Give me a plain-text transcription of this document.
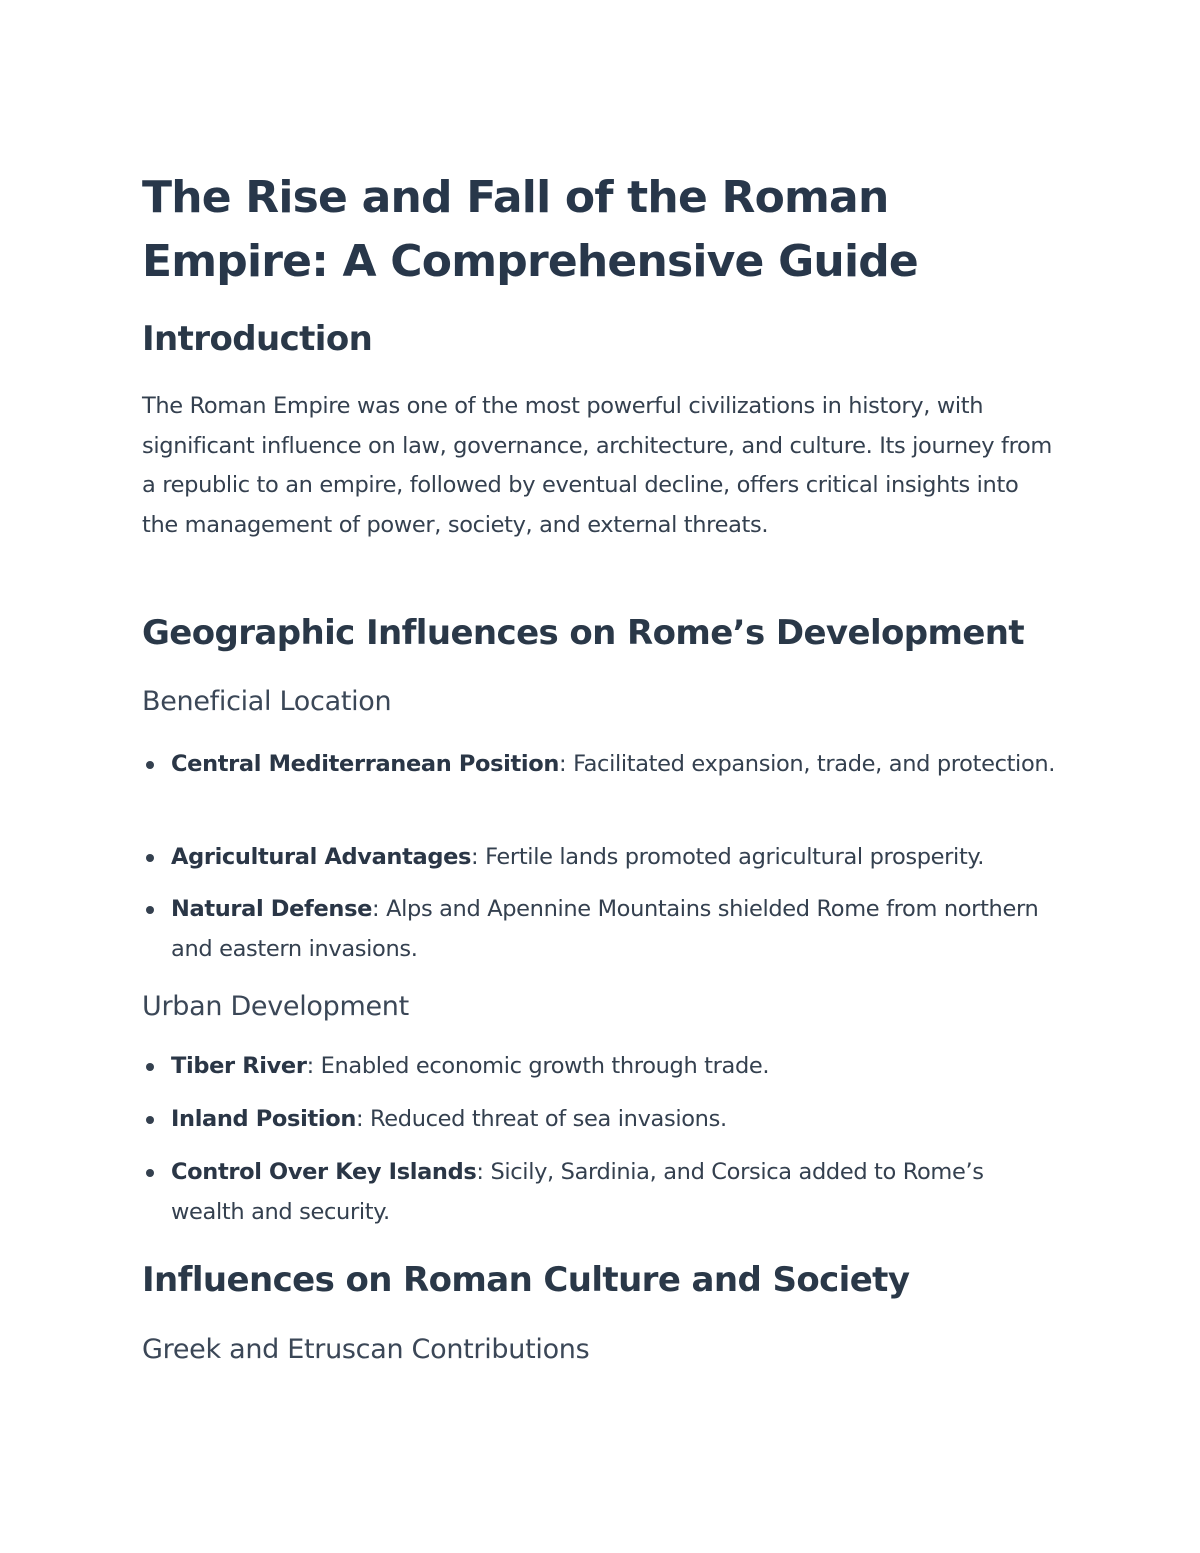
The Rise and Fall of the Roman Empire: A Comprehensive Guide
Introduction

The Roman Empire was one of the most powerful civilizations in history, with significant influence on law, governance, architecture, and culture. Its journey from a republic to an empire, followed by eventual decline, offers critical insights into the management of power, society, and external threats.

Geographic Influences on Rome’s Development
Beneficial Location
Central Mediterranean Position: Facilitated expansion, trade, and protection.
Agricultural Advantages: Fertile lands promoted agricultural prosperity.
Natural Defense: Alps and Apennine Mountains shielded Rome from northern and eastern invasions.
Urban Development
Tiber River: Enabled economic growth through trade.
Inland Position: Reduced threat of sea invasions.
Control Over Key Islands: Sicily, Sardinia, and Corsica added to Rome’s wealth and security.
Influences on Roman Culture and Society
Greek and Etruscan Contributions
